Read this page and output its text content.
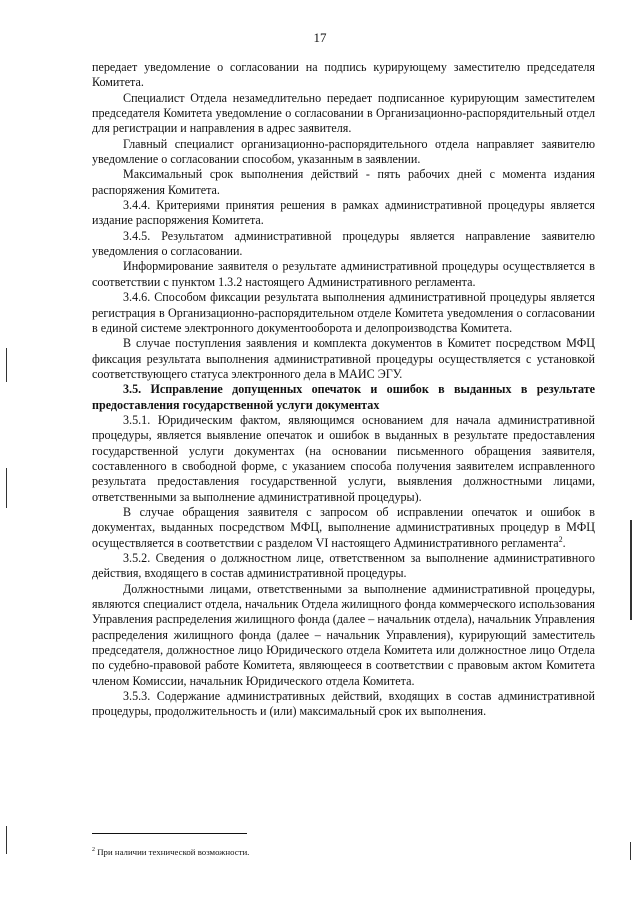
17

передает уведомление о согласовании на подпись курирующему заместителю председателя Комитета.

Специалист Отдела незамедлительно передает подписанное курирующим заместителем председателя Комитета уведомление о согласовании в Организационно-распорядительный отдел для регистрации и направления в адрес заявителя.

Главный специалист организационно-распорядительного отдела направляет заявителю уведомление о согласовании способом, указанным в заявлении.

Максимальный срок выполнения действий - пять рабочих дней с момента издания распоряжения Комитета.

3.4.4. Критериями принятия решения в рамках административной процедуры является издание распоряжения Комитета.

3.4.5. Результатом административной процедуры является направление заявителю уведомления о согласовании.

Информирование заявителя о результате административной процедуры осуществляется в соответствии с пунктом 1.3.2 настоящего Административного регламента.

3.4.6. Способом фиксации результата выполнения административной процедуры является регистрация в Организационно-распорядительном отделе Комитета уведомления о согласовании в единой системе электронного документооборота и делопроизводства Комитета.

В случае поступления заявления и комплекта документов в Комитет посредством МФЦ фиксация результата выполнения административной процедуры осуществляется с установкой соответствующего статуса электронного дела в МАИС ЭГУ.

3.5. Исправление допущенных опечаток и ошибок в выданных в результате предоставления государственной услуги документах

3.5.1. Юридическим фактом, являющимся основанием для начала административной процедуры, является выявление опечаток и ошибок в выданных в результате предоставления государственной услуги документах (на основании письменного обращения заявителя, составленного в свободной форме, с указанием способа получения заявителем исправленного результата предоставления государственной услуги, выявления должностными лицами, ответственными за выполнение административной процедуры).

В случае обращения заявителя с запросом об исправлении опечаток и ошибок в документах, выданных посредством МФЦ, выполнение административных процедур в МФЦ осуществляется в соответствии с разделом VI настоящего Административного регламента$^2$.

3.5.2. Сведения о должностном лице, ответственном за выполнение административного действия, входящего в состав административной процедуры.

Должностными лицами, ответственными за выполнение административной процедуры, являются специалист отдела, начальник Отдела жилищного фонда коммерческого использования Управления распределения жилищного фонда (далее – начальник отдела), начальник Управления распределения жилищного фонда (далее – начальник Управления), курирующий заместитель председателя, должностное лицо Юридического отдела Комитета или должностное лицо Отдела по судебно-правовой работе Комитета, являющееся в соответствии с правовым актом Комитета членом Комиссии, начальник Юридического отдела Комитета.

3.5.3. Содержание административных действий, входящих в состав административной процедуры, продолжительность и (или) максимальный срок их выполнения.

$^2$ При наличии технической возможности.
